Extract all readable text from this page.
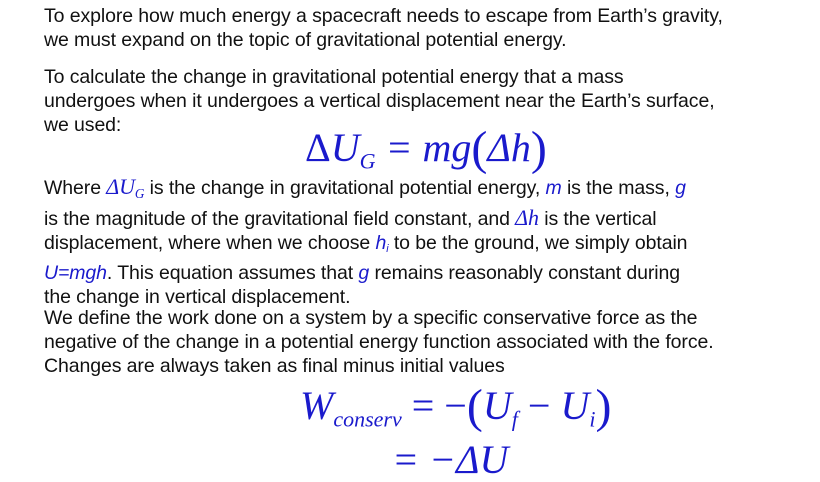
To explore how much energy a spacecraft needs to escape from Earth’s gravity,
we must expand on the topic of gravitational potential energy.
To calculate the change in gravitational potential energy that a mass
undergoes when it undergoes a vertical displacement near the Earth’s surface,
we used:	$\Delta U_G = mg(\Delta h)$
Where $\Delta U_G$ is the change in gravitational potential energy, m is the mass, g
is the magnitude of the gravitational field constant, and Δh is the vertical
displacement, where when we choose $h_i$ to be the ground, we simply obtain
U=mgh. This equation assumes that g remains reasonably constant during
the change in vertical displacement.
We define the work done on a system by a specific conservative force as the
negative of the change in a potential energy function associated with the force.
Changes are always taken as final minus initial values
$W_{conserv} = -(U_f - U_i)$
= −ΔU
